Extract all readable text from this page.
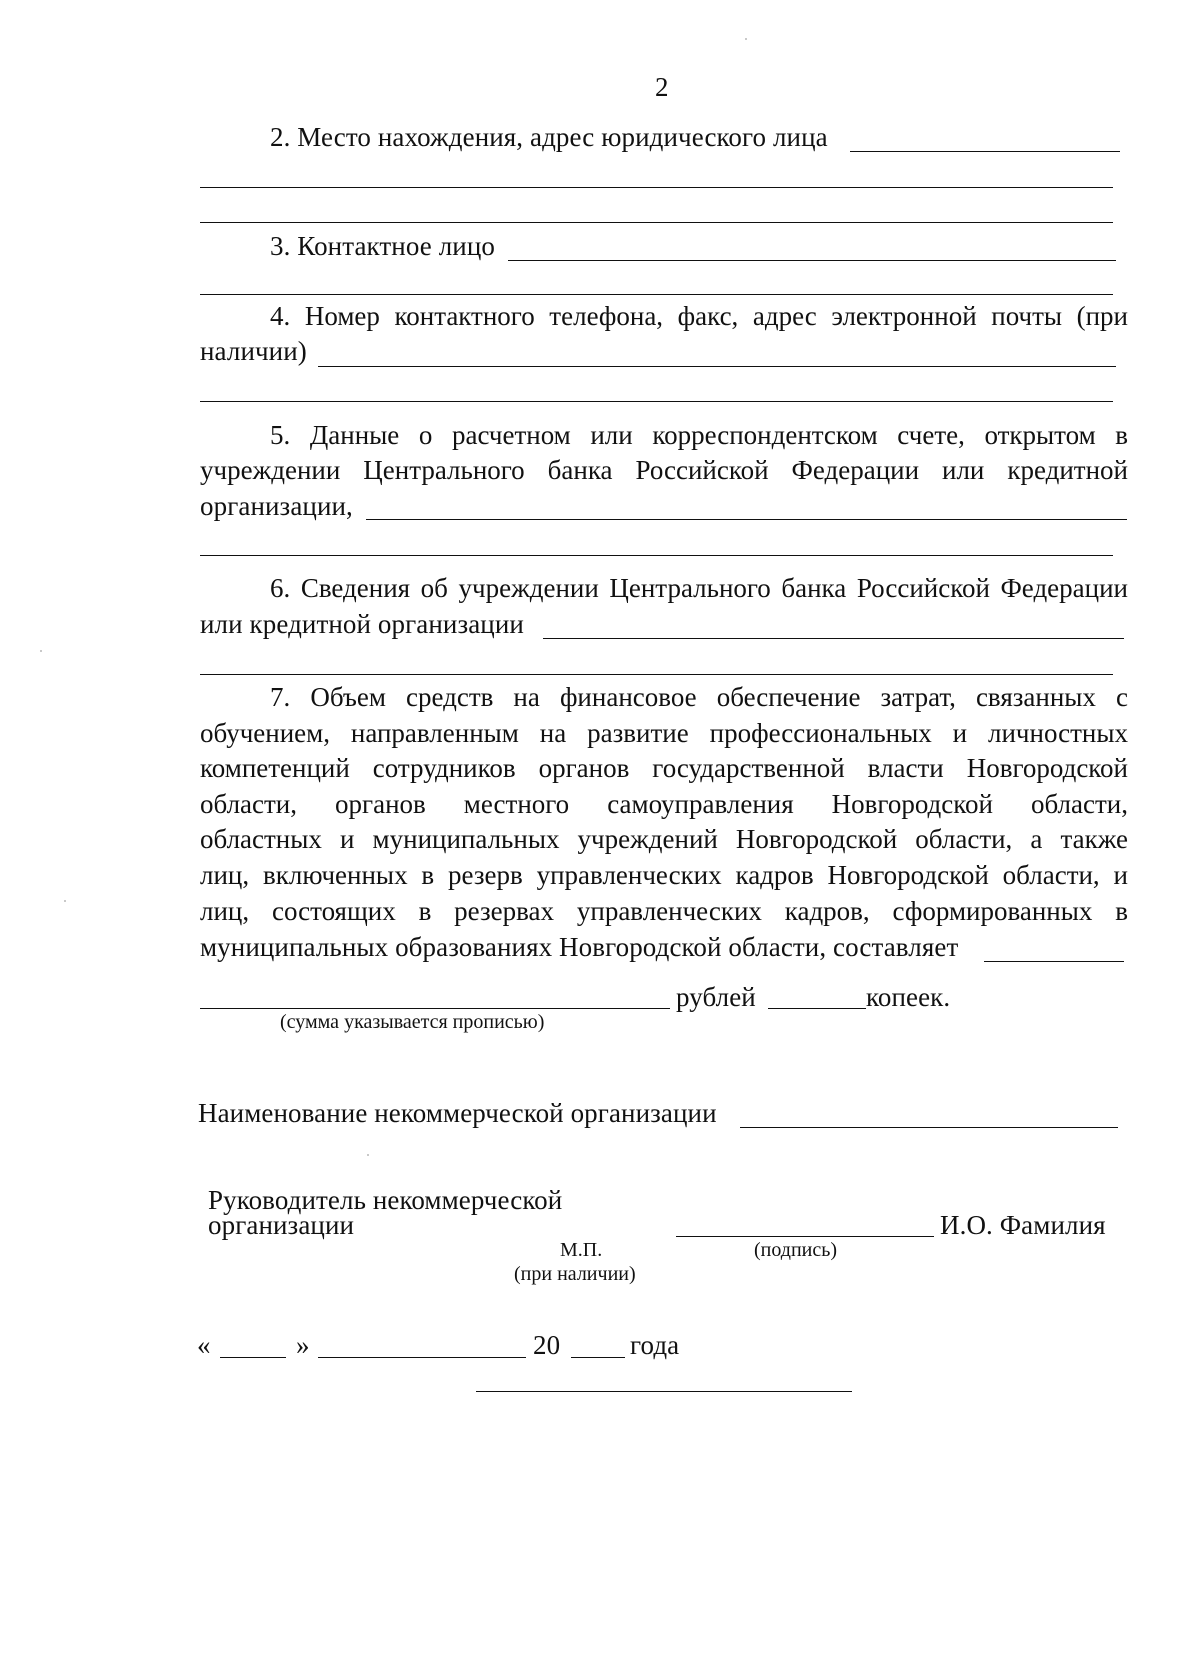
2
2. Место нахождения, адрес юридического лица
3. Контактное лицо
4. Номер контактного телефона, факс, адрес электронной почты (при
наличии)
5. Данные о расчетном или корреспондентском счете, открытом в
учреждении Центрального банка Российской Федерации или кредитной
организации,
6. Сведения об учреждении Центрального банка Российской Федерации
или кредитной организации
7. Объем средств на финансовое обеспечение затрат, связанных с
обучением, направленным на развитие профессиональных и личностных
компетенций сотрудников органов государственной власти Новгородской
области, органов местного самоуправления Новгородской области,
областных и муниципальных учреждений Новгородской области, а также
лиц, включенных в резерв управленческих кадров Новгородской области, и
лиц, состоящих в резервах управленческих кадров, сформированных в
муниципальных образованиях Новгородской области, составляет
рублей	копеек.
(сумма указывается прописью)
Наименование некоммерческой организации
Руководитель некоммерческой
организации	И.О. Фамилия
М.П.	(подпись)
(при наличии)
«	»	20	года
